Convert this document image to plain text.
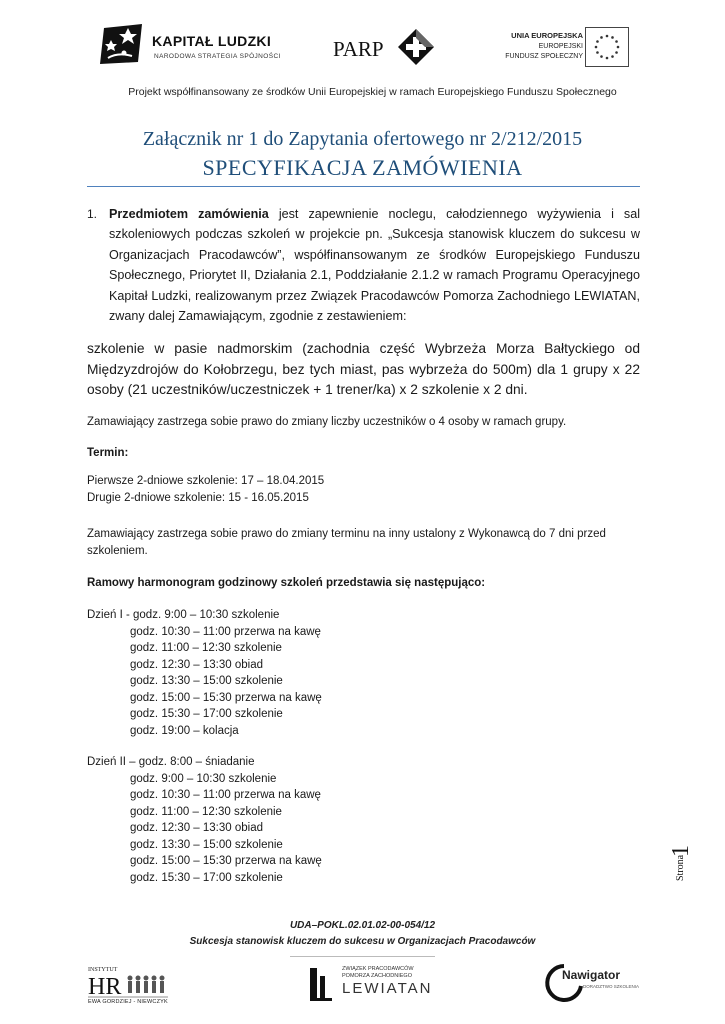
KAPITAŁ LUDZKI
NARODOWA STRATEGIA SPÓJNOŚCI PARP
UNIA EUROPEJSKA
EUROPEJSKI
FUNDUSZ SPOŁECZNY
Projekt współfinansowany ze środków Unii Europejskiej w ramach Europejskiego Funduszu Społecznego
Załącznik nr 1 do Zapytania ofertowego nr 2/212/2015
SPECYFIKACJA ZAMÓWIENIA
1. Przedmiotem zamówienia jest zapewnienie noclegu, całodziennego wyżywienia i sal szkoleniowych podczas szkoleń w projekcie pn. „Sukcesja stanowisk kluczem do sukcesu w Organizacjach Pracodawców”, współfinansowanym ze środków Europejskiego Funduszu Społecznego, Priorytet II, Działania 2.1, Poddziałanie 2.1.2 w ramach Programu Operacyjnego Kapitał Ludzki, realizowanym przez Związek Pracodawców Pomorza Zachodniego LEWIATAN, zwany dalej Zamawiającym, zgodnie z zestawieniem:
szkolenie w pasie nadmorskim (zachodnia część Wybrzeża Morza Bałtyckiego od Międzyzdrojów do Kołobrzegu, bez tych miast, pas wybrzeża do 500m) dla 1 grupy x 22 osoby (21 uczestników/uczestniczek + 1 trener/ka) x 2 szkolenie x 2 dni.
Zamawiający zastrzega sobie prawo do zmiany liczby uczestników o 4 osoby w ramach grupy.
Termin:
Pierwsze 2-dniowe szkolenie: 17 – 18.04.2015
Drugie 2-dniowe szkolenie: 15 - 16.05.2015
Zamawiający zastrzega sobie prawo do zmiany terminu na inny ustalony z Wykonawcą do 7 dni przed szkoleniem.
Ramowy harmonogram godzinowy szkoleń przedstawia się następująco:
Dzień I - godz. 9:00 – 10:30 szkolenie
godz. 10:30 – 11:00 przerwa na kawę
godz. 11:00 – 12:30 szkolenie
godz. 12:30 – 13:30 obiad
godz. 13:30 – 15:00 szkolenie
godz. 15:00 – 15:30 przerwa na kawę
godz. 15:30 – 17:00 szkolenie
godz. 19:00 – kolacja
Dzień II – godz. 8:00 – śniadanie
godz. 9:00 – 10:30 szkolenie
godz. 10:30 – 11:00 przerwa na kawę
godz. 11:00 – 12:30 szkolenie
godz. 12:30 – 13:30 obiad
godz. 13:30 – 15:00 szkolenie
godz. 15:00 – 15:30 przerwa na kawę
godz. 15:30 – 17:00 szkolenie	Strona
1
UDA–POKL.02.01.02-00-054/12
Sukcesja stanowisk kluczem do sukcesu w Organizacjach Pracodawców
INSTYTUT
HR
EWA GORDZIEJ - NIEWCZYK
ZWIĄZEK PRACODAWCÓW
POMORZA ZACHODNIEGO
LEWIATAN
Nawigator
DORADZTWO SZKOLENIA
